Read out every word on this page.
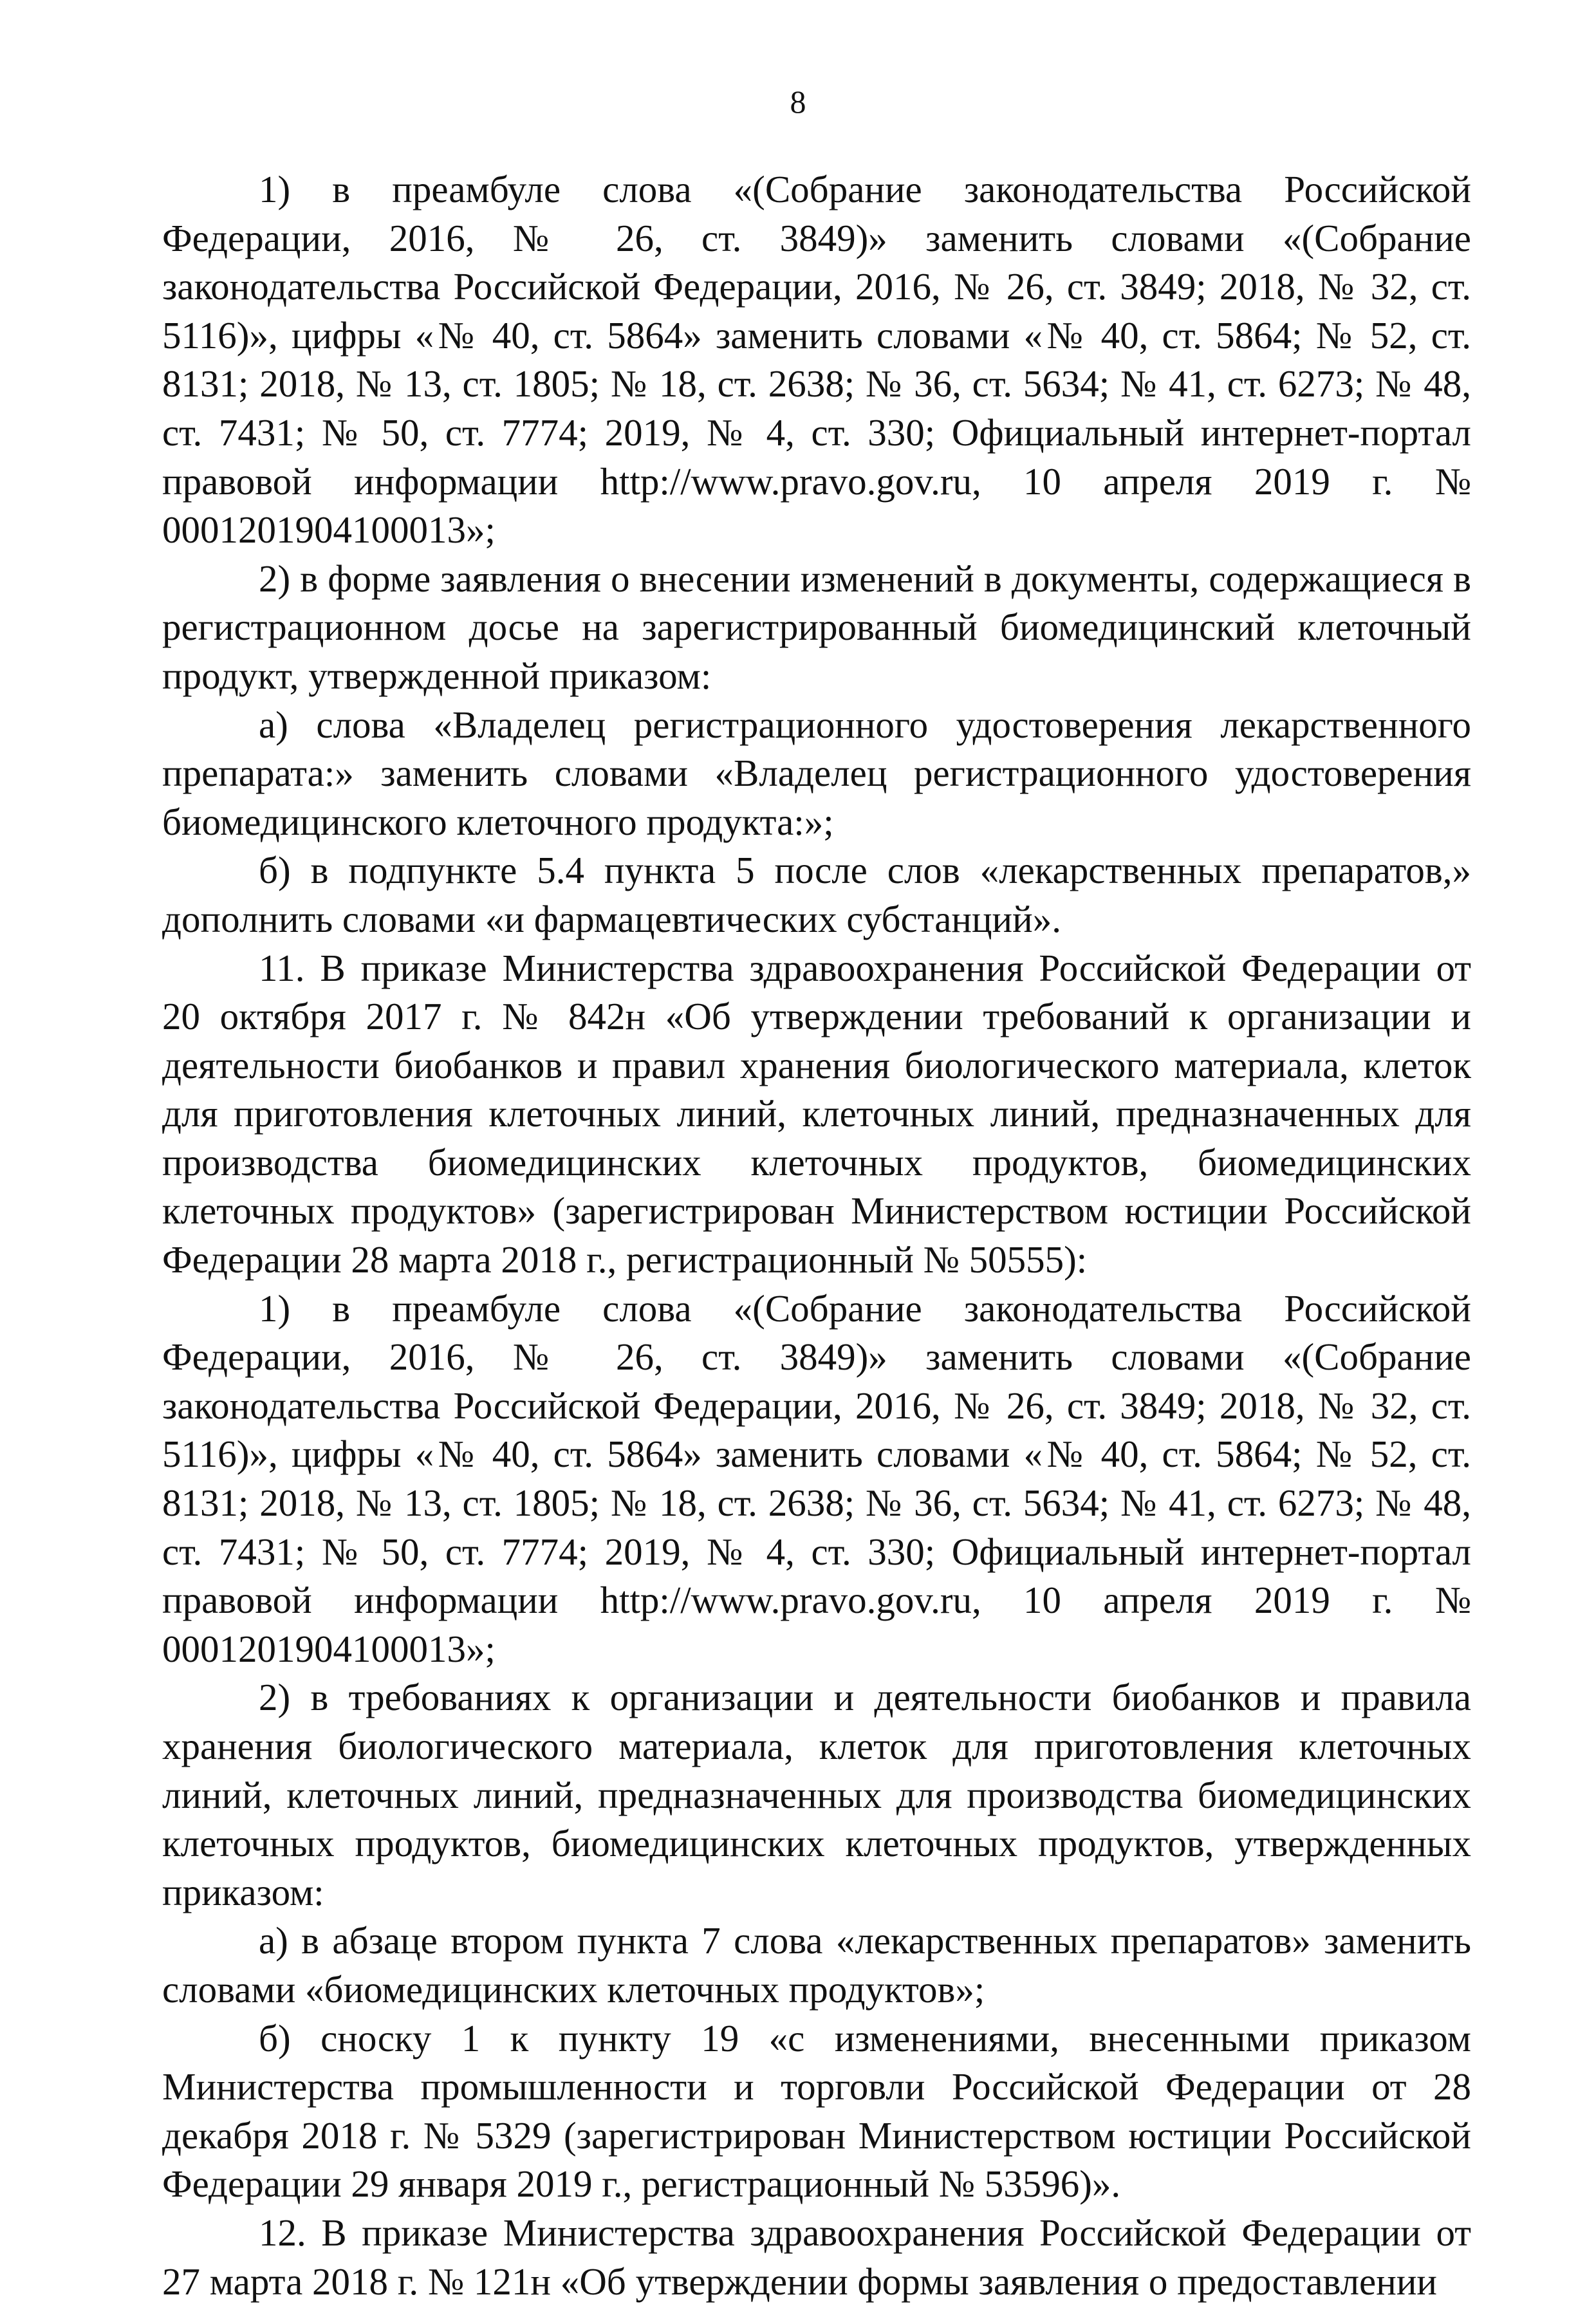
8

1) в преамбуле слова «(Собрание законодательства Российской Федерации, 2016, № 26, ст. 3849)» заменить словами «(Собрание законодательства Российской Федерации, 2016, № 26, ст. 3849; 2018, № 32, ст. 5116)», цифры «№ 40, ст. 5864» заменить словами «№ 40, ст. 5864; № 52, ст. 8131; 2018, № 13, ст. 1805; № 18, ст. 2638; № 36, ст. 5634; № 41, ст. 6273; № 48, ст. 7431; № 50, ст. 7774; 2019, № 4, ст. 330; Официальный интернет-портал правовой информации http://www.pravo.gov.ru, 10 апреля 2019 г. № 0001201904100013»;

2) в форме заявления о внесении изменений в документы, содержащиеся в регистрационном досье на зарегистрированный биомедицинский клеточный продукт, утвержденной приказом:

а) слова «Владелец регистрационного удостоверения лекарственного препарата:» заменить словами «Владелец регистрационного удостоверения биомедицинского клеточного продукта:»;

б) в подпункте 5.4 пункта 5 после слов «лекарственных препаратов,» дополнить словами «и фармацевтических субстанций».

11. В приказе Министерства здравоохранения Российской Федерации от 20 октября 2017 г. № 842н «Об утверждении требований к организации и деятельности биобанков и правил хранения биологического материала, клеток для приготовления клеточных линий, клеточных линий, предназначенных для производства биомедицинских клеточных продуктов, биомедицинских клеточных продуктов» (зарегистрирован Министерством юстиции Российской Федерации 28 марта 2018 г., регистрационный № 50555):

1) в преамбуле слова «(Собрание законодательства Российской Федерации, 2016, № 26, ст. 3849)» заменить словами «(Собрание законодательства Российской Федерации, 2016, № 26, ст. 3849; 2018, № 32, ст. 5116)», цифры «№ 40, ст. 5864» заменить словами «№ 40, ст. 5864; № 52, ст. 8131; 2018, № 13, ст. 1805; № 18, ст. 2638; № 36, ст. 5634; № 41, ст. 6273; № 48, ст. 7431; № 50, ст. 7774; 2019, № 4, ст. 330; Официальный интернет-портал правовой информации http://www.pravo.gov.ru, 10 апреля 2019 г. № 0001201904100013»;

2) в требованиях к организации и деятельности биобанков и правила хранения биологического материала, клеток для приготовления клеточных линий, клеточных линий, предназначенных для производства биомедицинских клеточных продуктов, биомедицинских клеточных продуктов, утвержденных приказом:

а) в абзаце втором пункта 7 слова «лекарственных препаратов» заменить словами «биомедицинских клеточных продуктов»;

б) сноску 1 к пункту 19 «с изменениями, внесенными приказом Министерства промышленности и торговли Российской Федерации от 28 декабря 2018 г. № 5329 (зарегистрирован Министерством юстиции Российской Федерации 29 января 2019 г., регистрационный № 53596)».

12. В приказе Министерства здравоохранения Российской Федерации от 27 марта 2018 г. № 121н «Об утверждении формы заявления о предоставлении
